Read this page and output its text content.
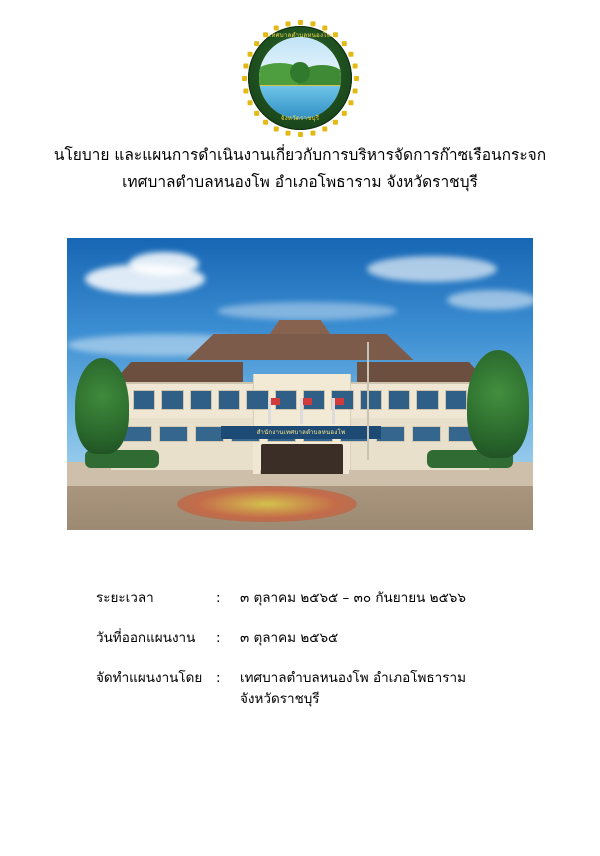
เทศบาลตำบลหนองโพ
จังหวัดราชบุรี
นโยบาย และแผนการดำเนินงานเกี่ยวกับการบริหารจัดการก๊าซเรือนกระจก
เทศบาลตำบลหนองโพ อำเภอโพธาราม จังหวัดราชบุรี
สำนักงานเทศบาลตำบลหนองโพ
ระยะเวลา	:	๓ ตุลาคม ๒๕๖๕ – ๓๐ กันยายน ๒๕๖๖
วันที่ออกแผนงาน	:	๓ ตุลาคม ๒๕๖๕
จัดทำแผนงานโดย	:	เทศบาลตำบลหนองโพ อำเภอโพธาราม
จังหวัดราชบุรี
